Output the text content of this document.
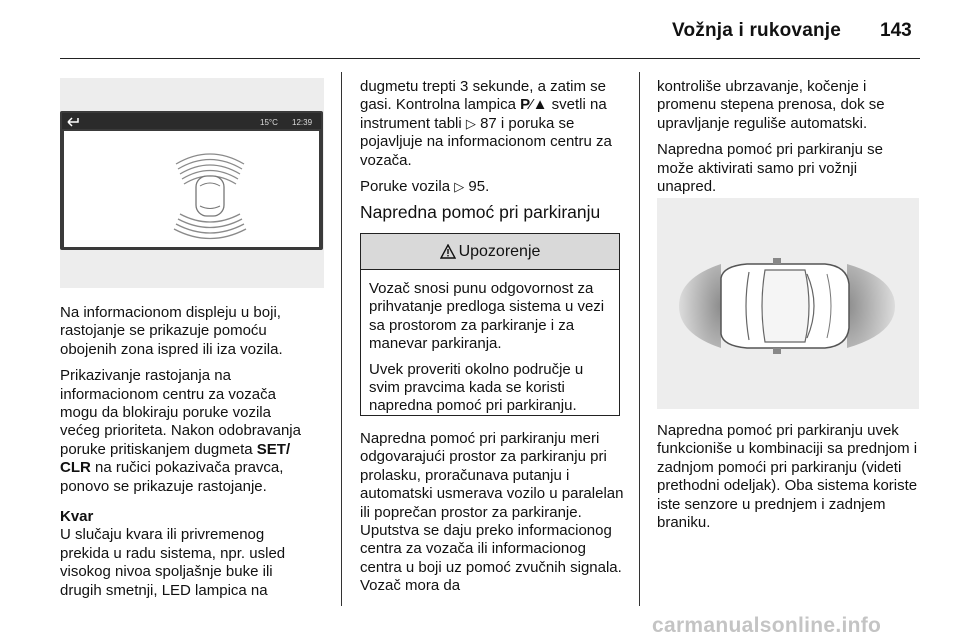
Vožnja i rukovanje 143
15°C 12:39

Na informacionom displeju u boji, rastojanje se prikazuje pomoću obojenih zona ispred ili iza vozila.

Prikazivanje rastojanja na informacionom centru za vozača mogu da blokiraju poruke vozila većeg prioriteta. Nakon odobravanja poruke pritiskanjem dugmeta SET/ CLR na ručici pokazivača pravca, ponovo se prikazuje rastojanje.

Kvar
U slučaju kvara ili privremenog prekida u radu sistema, npr. usled visokog nivoa spoljašnje buke ili drugih smetnji, LED lampica na

dugmetu trepti 3 sekunde, a zatim se gasi. Kontrolna lampica P⁄▲ svetli na instrument tabli ▷ 87 i poruka se pojavljuje na informacionom centru za vozača.

Poruke vozila ▷ 95.

Napredna pomoć pri parkiranju
Upozorenje

Vozač snosi punu odgovornost za prihvatanje predloga sistema u vezi sa prostorom za parkiranje i za manevar parkiranja.

Uvek proveriti okolno područje u svim pravcima kada se koristi napredna pomoć pri parkiranju.

Napredna pomoć pri parkiranju meri odgovarajući prostor za parkiranju pri prolasku, proračunava putanju i automatski usmerava vozilo u paralelan ili poprečan prostor za parkiranje. Uputstva se daju preko informacionog centra za vozača ili informacionog centra u boji uz pomoć zvučnih signala. Vozač mora da

kontroliše ubrzavanje, kočenje i promenu stepena prenosa, dok se upravljanje reguliše automatski.

Napredna pomoć pri parkiranju se može aktivirati samo pri vožnji unapred.

Napredna pomoć pri parkiranju uvek funkcioniše u kombinaciji sa prednjom i zadnjom pomoći pri parkiranju (videti prethodni odeljak). Oba sistema koriste iste senzore u prednjem i zadnjem braniku.

carmanualsonline.info
